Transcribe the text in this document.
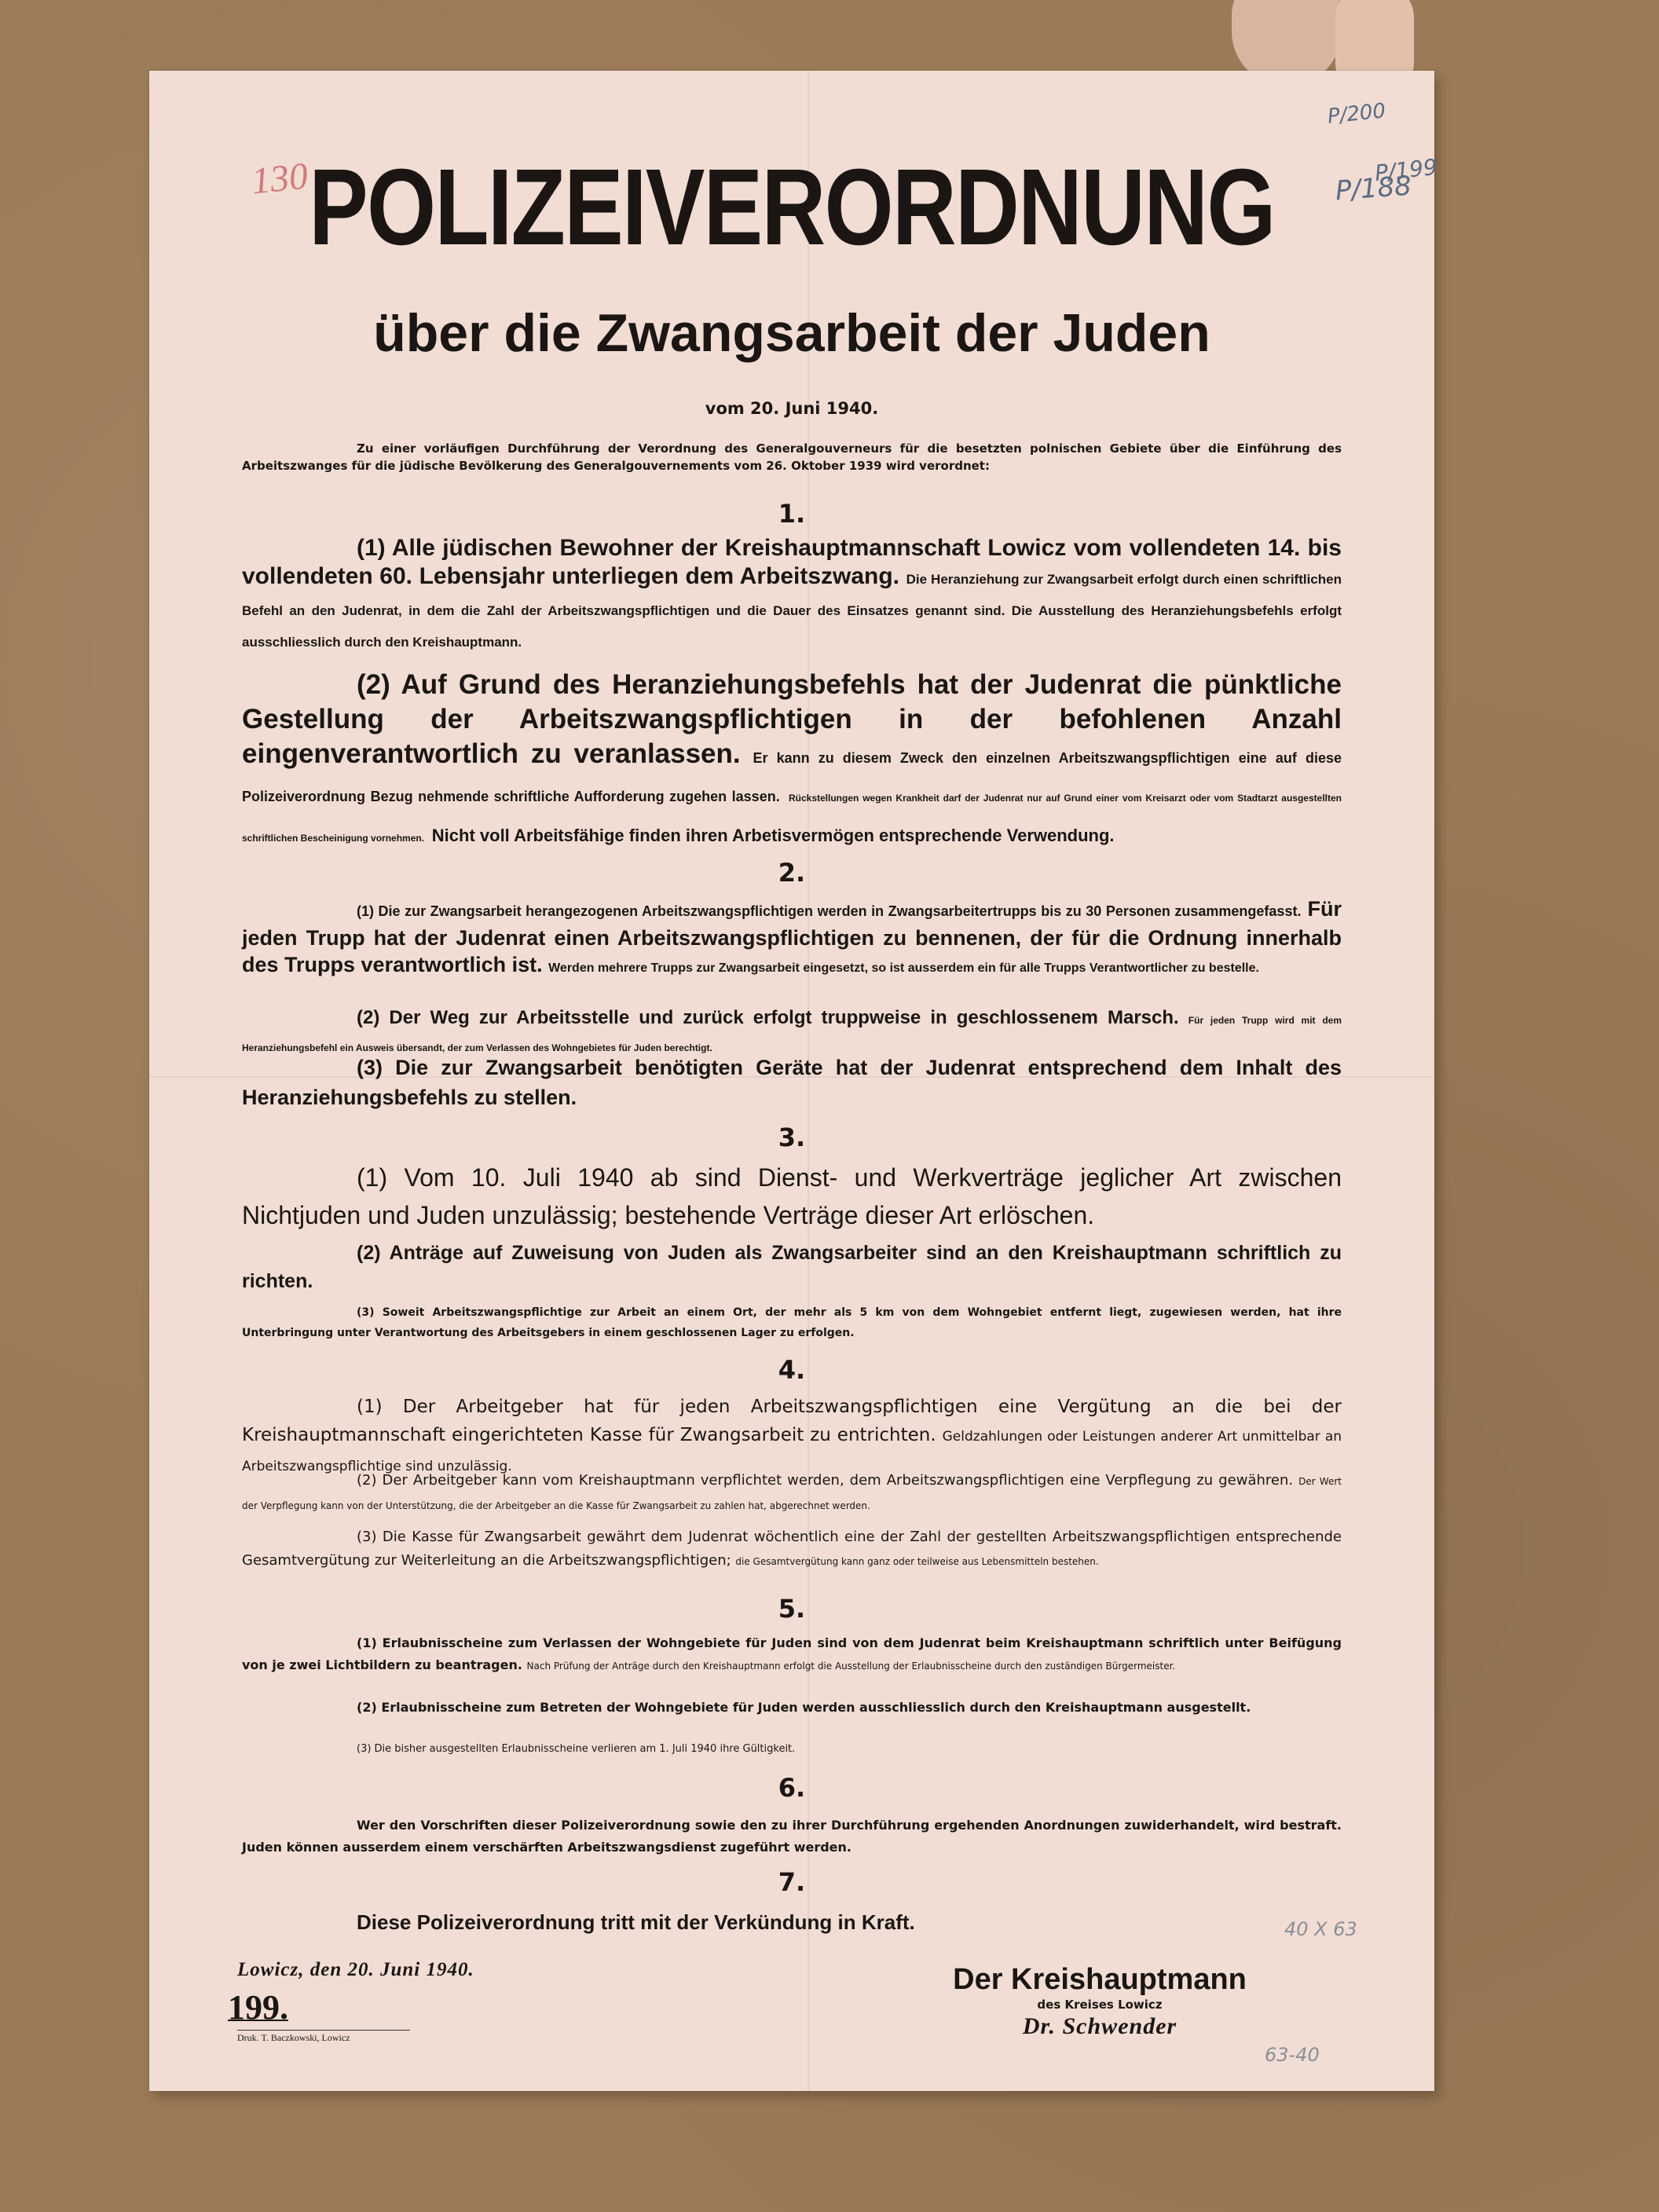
130	P/188
P/200
P/199
POLIZEIVERORDNUNG
über die Zwangsarbeit der Juden
vom 20. Juni 1940.
Zu einer vorläufigen Durchführung der Verordnung des Generalgouverneurs für die besetzten polnischen Gebiete über die Einführung des Arbeitszwanges für die jüdische Bevölkerung des Generalgouvernements vom 26. Oktober 1939 wird verordnet:
1.
(1) Alle jüdischen Bewohner der Kreishauptmannschaft Lowicz vom vollendeten 14. bis vollendeten 60. Lebensjahr unterliegen dem Arbeitszwang. Die Heranziehung zur Zwangsarbeit erfolgt durch einen schriftlichen Befehl an den Judenrat, in dem die Zahl der Arbeitszwangspflichtigen und die Dauer des Einsatzes genannt sind. Die Ausstellung des Heranziehungsbefehls erfolgt ausschliesslich durch den Kreishauptmann.
(2) Auf Grund des Heranziehungsbefehls hat der Judenrat die pünktliche Gestellung der Arbeitszwangspflichtigen in der befohlenen Anzahl eingenverantwortlich zu veranlassen. Er kann zu diesem Zweck den einzelnen Arbeitszwangspflichtigen eine auf diese Polizeiverordnung Bezug nehmende schriftliche Aufforderung zugehen lassen. Rückstellungen wegen Krankheit darf der Judenrat nur auf Grund einer vom Kreisarzt oder vom Stadtarzt ausgestellten schriftlichen Bescheinigung vornehmen. Nicht voll Arbeitsfähige finden ihren Arbetisvermögen entsprechende Verwendung.
2.
(1) Die zur Zwangsarbeit herangezogenen Arbeitszwangspflichtigen werden in Zwangsarbeitertrupps bis zu 30 Personen zusammengefasst. Für jeden Trupp hat der Judenrat einen Arbeitszwangspflichtigen zu bennenen, der für die Ordnung innerhalb des Trupps verantwortlich ist. Werden mehrere Trupps zur Zwangsarbeit eingesetzt, so ist ausserdem ein für alle Trupps Verantwortlicher zu bestelle.
(2) Der Weg zur Arbeitsstelle und zurück erfolgt truppweise in geschlossenem Marsch. Für jeden Trupp wird mit dem Heranziehungsbefehl ein Ausweis übersandt, der zum Verlassen des Wohngebietes für Juden berechtigt.
(3) Die zur Zwangsarbeit benötigten Geräte hat der Judenrat entsprechend dem Inhalt des Heranziehungsbefehls zu stellen.
3.
(1) Vom 10. Juli 1940 ab sind Dienst- und Werkverträge jeglicher Art zwischen Nichtjuden und Juden unzulässig; bestehende Verträge dieser Art erlöschen.
(2) Anträge auf Zuweisung von Juden als Zwangsarbeiter sind an den Kreishauptmann schriftlich zu richten.
(3) Soweit Arbeitszwangspflichtige zur Arbeit an einem Ort, der mehr als 5 km von dem Wohngebiet entfernt liegt, zugewiesen werden, hat ihre Unterbringung unter Verantwortung des Arbeitsgebers in einem geschlossenen Lager zu erfolgen.
4.
(1) Der Arbeitgeber hat für jeden Arbeitszwangspflichtigen eine Vergütung an die bei der Kreishauptmannschaft eingerichteten Kasse für Zwangsarbeit zu entrichten. Geldzahlungen oder Leistungen anderer Art unmittelbar an Arbeitszwangspflichtige sind unzulässig.
(2) Der Arbeitgeber kann vom Kreishauptmann verpflichtet werden, dem Arbeitszwangspflichtigen eine Verpflegung zu gewähren. Der Wert der Verpflegung kann von der Unterstützung, die der Arbeitgeber an die Kasse für Zwangsarbeit zu zahlen hat, abgerechnet werden.
(3) Die Kasse für Zwangsarbeit gewährt dem Judenrat wöchentlich eine der Zahl der gestellten Arbeitszwangspflichtigen entsprechende Gesamtvergütung zur Weiterleitung an die Arbeitszwangspflichtigen; die Gesamtvergütung kann ganz oder teilweise aus Lebensmitteln bestehen.
5.
(1) Erlaubnisscheine zum Verlassen der Wohngebiete für Juden sind von dem Judenrat beim Kreishauptmann schriftlich unter Beifügung von je zwei Lichtbildern zu beantragen. Nach Prüfung der Anträge durch den Kreishauptmann erfolgt die Ausstellung der Erlaubnisscheine durch den zuständigen Bürgermeister.
(2) Erlaubnisscheine zum Betreten der Wohngebiete für Juden werden ausschliesslich durch den Kreishauptmann ausgestellt.
(3) Die bisher ausgestellten Erlaubnisscheine verlieren am 1. Juli 1940 ihre Gültigkeit.
6.
Wer den Vorschriften dieser Polizeiverordnung sowie den zu ihrer Durchführung ergehenden Anordnungen zuwiderhandelt, wird bestraft. Juden können ausserdem einem verschärften Arbeitszwangsdienst zugeführt werden.
7.
Diese Polizeiverordnung tritt mit der Verkündung in Kraft.	40 X 63
63-40
Lowicz, den 20. Juni 1940.
199.
Druk. T. Baczkowski, Lowicz
Der Kreishauptmann
des Kreises Lowicz
Dr. Schwender
